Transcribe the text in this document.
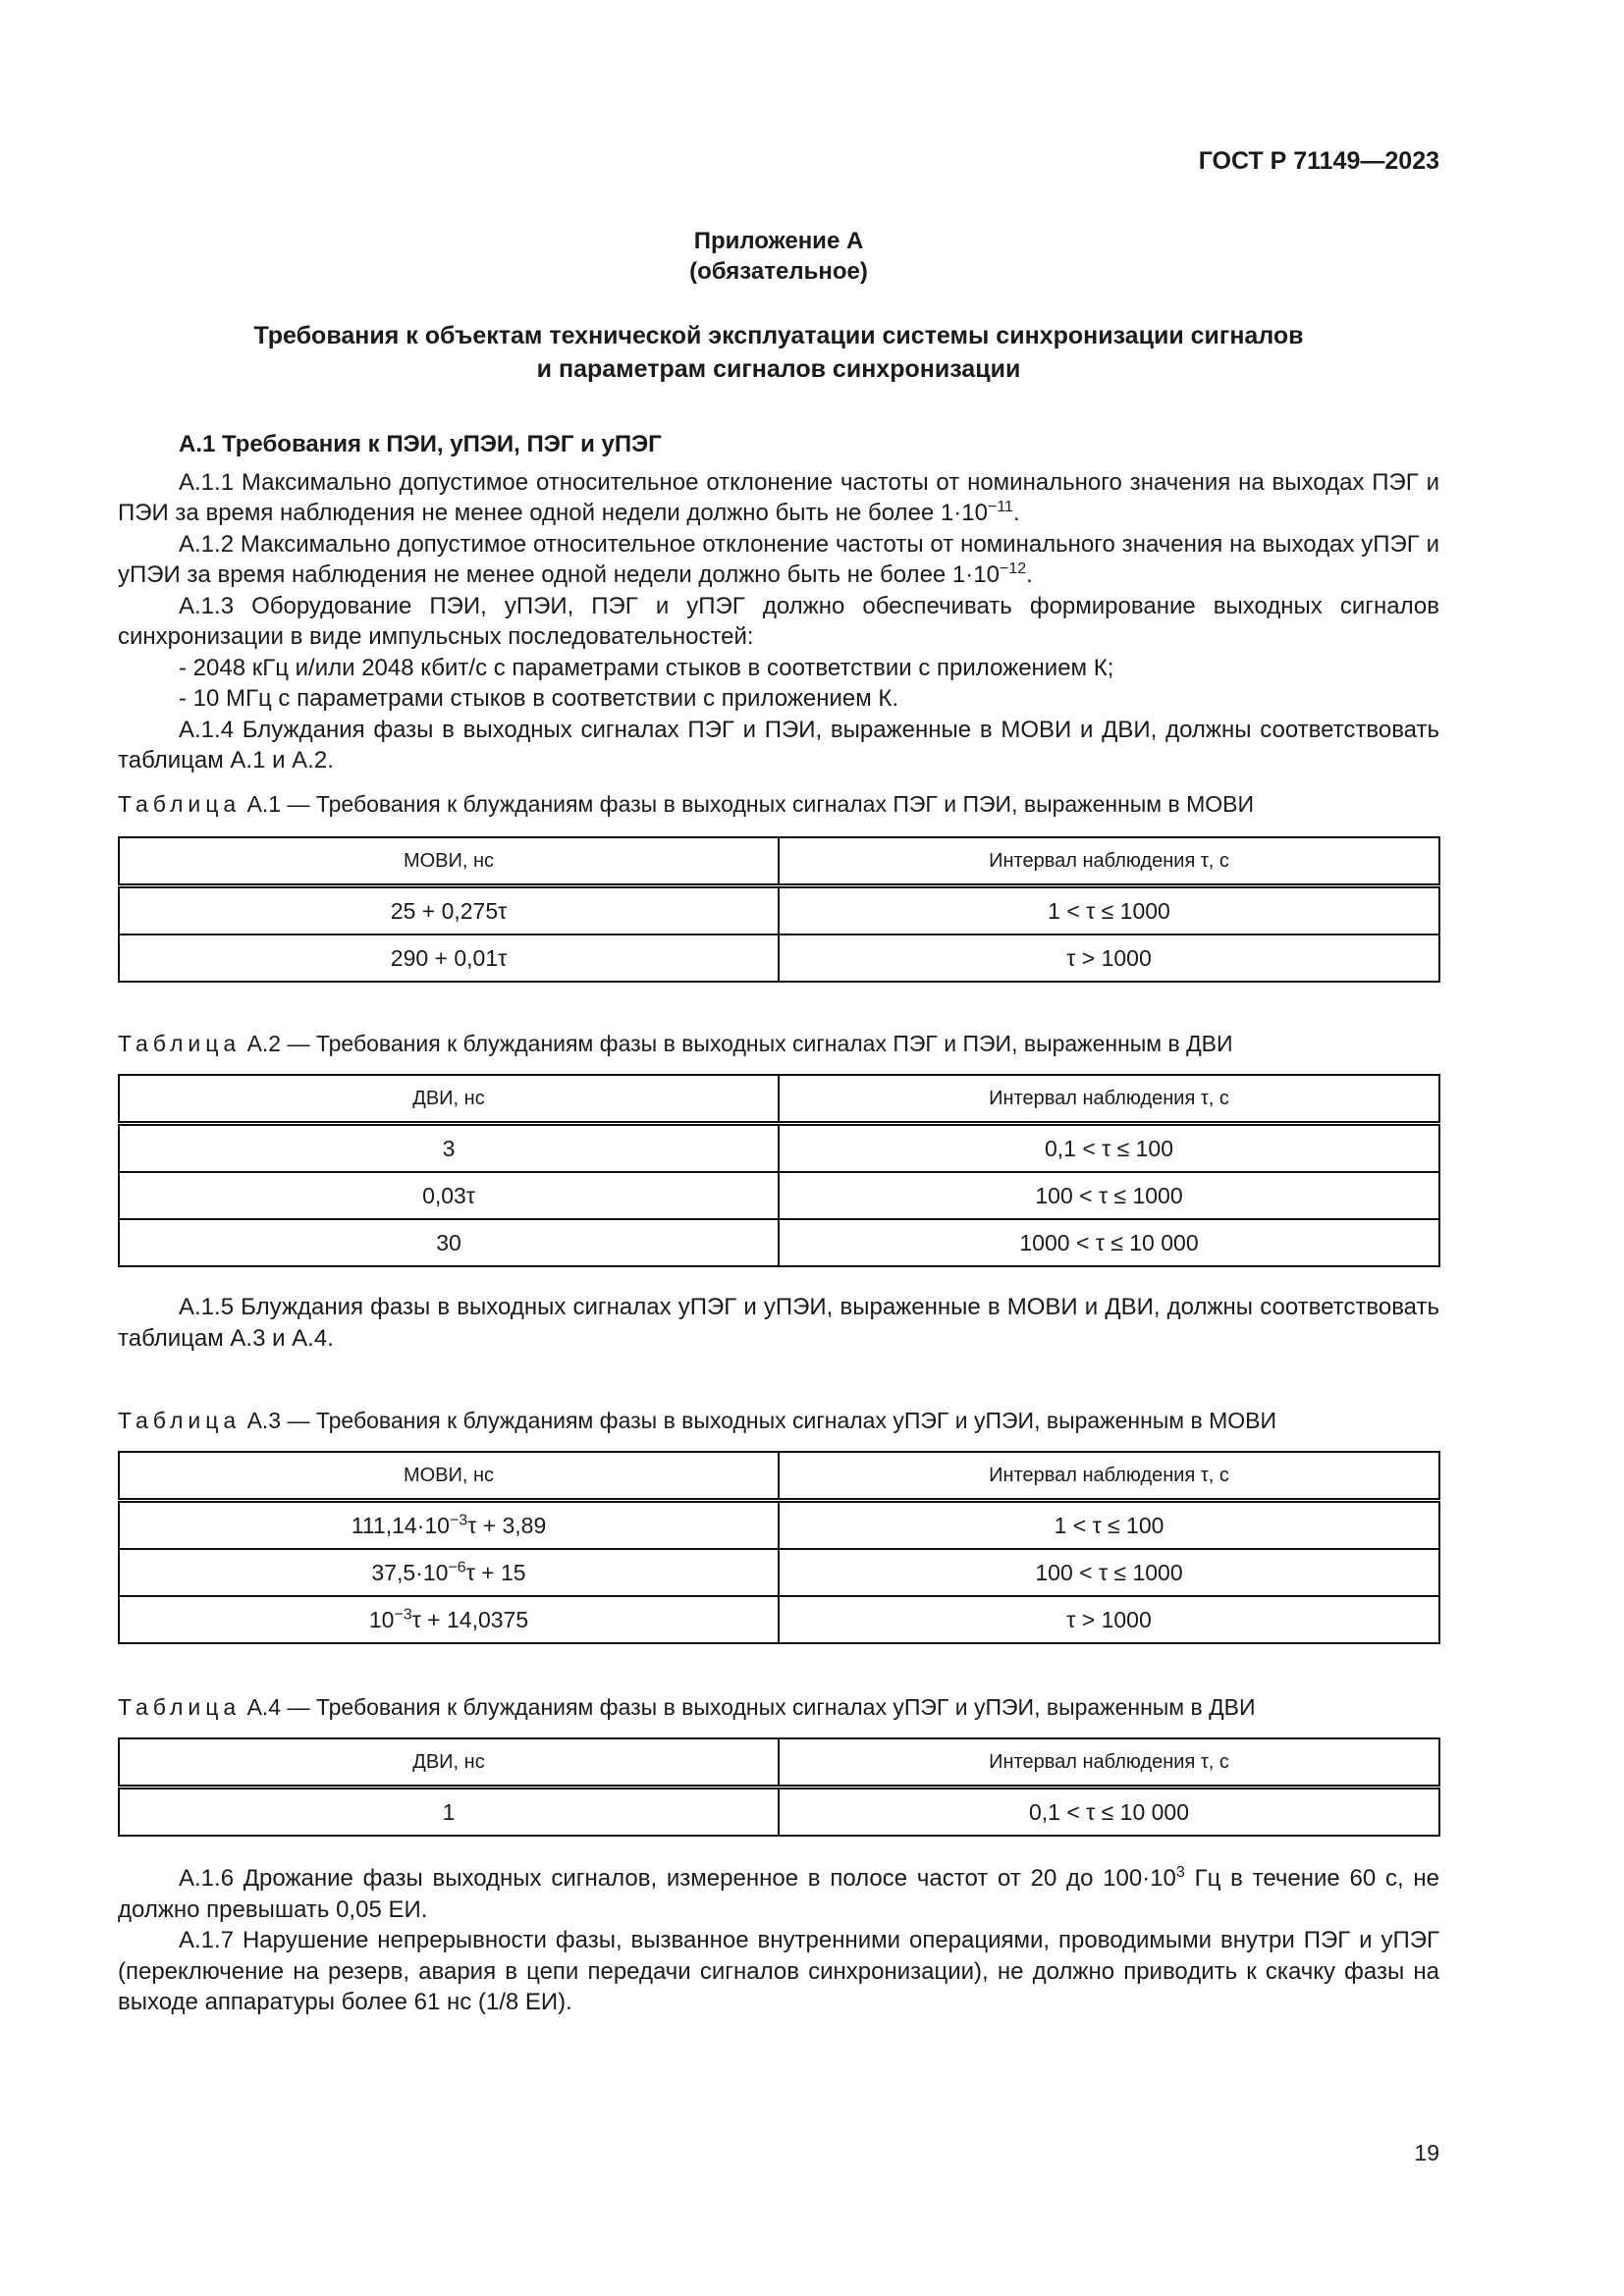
ГОСТ Р 71149—2023
Приложение А
(обязательное)
Требования к объектам технической эксплуатации системы синхронизации сигналов
и параметрам сигналов синхронизации

А.1 Требования к ПЭИ, уПЭИ, ПЭГ и уПЭГ

А.1.1 Максимально допустимое относительное отклонение частоты от номинального значения на выходах ПЭГ и ПЭИ за время наблюдения не менее одной недели должно быть не более $1\cdot 10^{-11}$.

А.1.2 Максимально допустимое относительное отклонение частоты от номинального значения на выходах уПЭГ и уПЭИ за время наблюдения не менее одной недели должно быть не более $1\cdot 10^{-12}$.

А.1.3 Оборудование ПЭИ, уПЭИ, ПЭГ и уПЭГ должно обеспечивать формирование выходных сигналов синхронизации в виде импульсных последовательностей:

- 2048 кГц и/или 2048 кбит/с с параметрами стыков в соответствии с приложением К;

- 10 МГц с параметрами стыков в соответствии с приложением К.

А.1.4 Блуждания фазы в выходных сигналах ПЭГ и ПЭИ, выраженные в МОВИ и ДВИ, должны соответствовать таблицам А.1 и А.2.

Таблица А.1 — Требования к блужданиям фазы в выходных сигналах ПЭГ и ПЭИ, выраженным в МОВИ
МОВИ, нс	Интервал наблюдения τ, с
25 + 0,275τ	1 < τ ≤ 1000
290 + 0,01τ	τ > 1000
Таблица А.2 — Требования к блужданиям фазы в выходных сигналах ПЭГ и ПЭИ, выраженным в ДВИ
ДВИ, нс	Интервал наблюдения τ, с
3	0,1 < τ ≤ 100
0,03τ	100 < τ ≤ 1000
30	1000 < τ ≤ 10 000

А.1.5 Блуждания фазы в выходных сигналах уПЭГ и уПЭИ, выраженные в МОВИ и ДВИ, должны соответствовать таблицам А.3 и А.4.

Таблица А.3 — Требования к блужданиям фазы в выходных сигналах уПЭГ и уПЭИ, выраженным в МОВИ
МОВИ, нс	Интервал наблюдения τ, с
$111,14\cdot 10^{-3}\tau + 3,89$	1 < τ ≤ 100
$37,5\cdot 10^{-6}\tau + 15$	100 < τ ≤ 1000
$10^{-3}\tau + 14,0375$	τ > 1000
Таблица А.4 — Требования к блужданиям фазы в выходных сигналах уПЭГ и уПЭИ, выраженным в ДВИ
ДВИ, нс	Интервал наблюдения τ, с
1	0,1 < τ ≤ 10 000

А.1.6 Дрожание фазы выходных сигналов, измеренное в полосе частот от 20 до $100\cdot 10^3$ Гц в течение 60 с, не должно превышать 0,05 ЕИ.

А.1.7 Нарушение непрерывности фазы, вызванное внутренними операциями, проводимыми внутри ПЭГ и уПЭГ (переключение на резерв, авария в цепи передачи сигналов синхронизации), не должно приводить к скачку фазы на выходе аппаратуры более 61 нс (1/8 ЕИ).

19
